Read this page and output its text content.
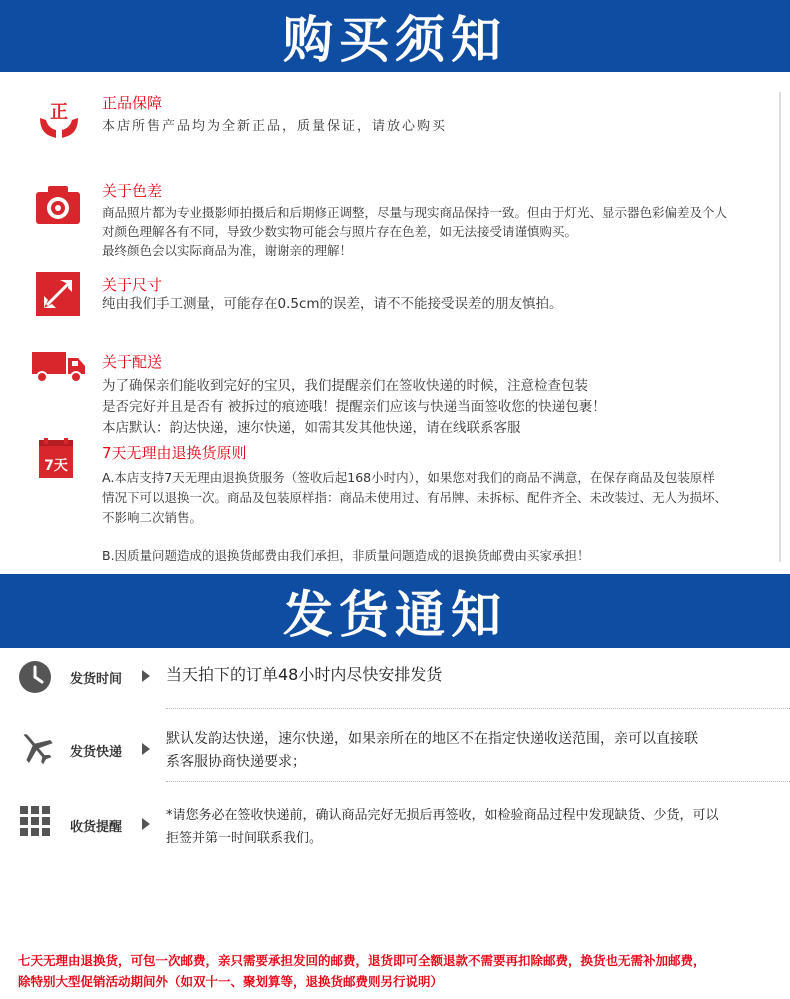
购买须知
正 正品保障
本店所售产品均为全新正品，质量保证，请放心购买
关于色差
商品照片都为专业摄影师拍摄后和后期修正调整，尽量与现实商品保持一致。但由于灯光、显示器色彩偏差及个人
对颜色理解各有不同，导致少数实物可能会与照片存在色差，如无法接受请谨慎购买。
最终颜色会以实际商品为准，谢谢亲的理解！
关于尺寸
纯由我们手工测量，可能存在0.5cm的误差，请不不能接受误差的朋友慎拍。
关于配送
为了确保亲们能收到完好的宝贝，我们提醒亲们在签收快递的时候，注意检查包装
是否完好并且是否有 被拆过的痕迹哦！提醒亲们应该与快递当面签收您的快递包裹！
本店默认：韵达快递，速尔快递，如需其发其他快递，请在线联系客服
7天
7天无理由退换货原则
A.本店支持7天无理由退换货服务（签收后起168小时内），如果您对我们的商品不满意，在保存商品及包装原样
情况下可以退换一次。商品及包装原样指：商品未使用过、有吊牌、未拆标、配件齐全、未改装过、无人为损坏、
不影响二次销售。
B.因质量问题造成的退换货邮费由我们承担，非质量问题造成的退换货邮费由买家承担！
发货通知
发货时间	当天拍下的订单48小时内尽快安排发货
发货快递
默认发韵达快递，速尔快递，如果亲所在的地区不在指定快递收送范围，亲可以直接联
系客服协商快递要求；
收货提醒
*请您务必在签收快递前，确认商品完好无损后再签收，如检验商品过程中发现缺货、少货，可以
拒签并第一时间联系我们。
七天无理由退换货，可包一次邮费，亲只需要承担发回的邮费，退货即可全额退款不需要再扣除邮费，换货也无需补加邮费，
除特别大型促销活动期间外（如双十一、聚划算等，退换货邮费则另行说明）
